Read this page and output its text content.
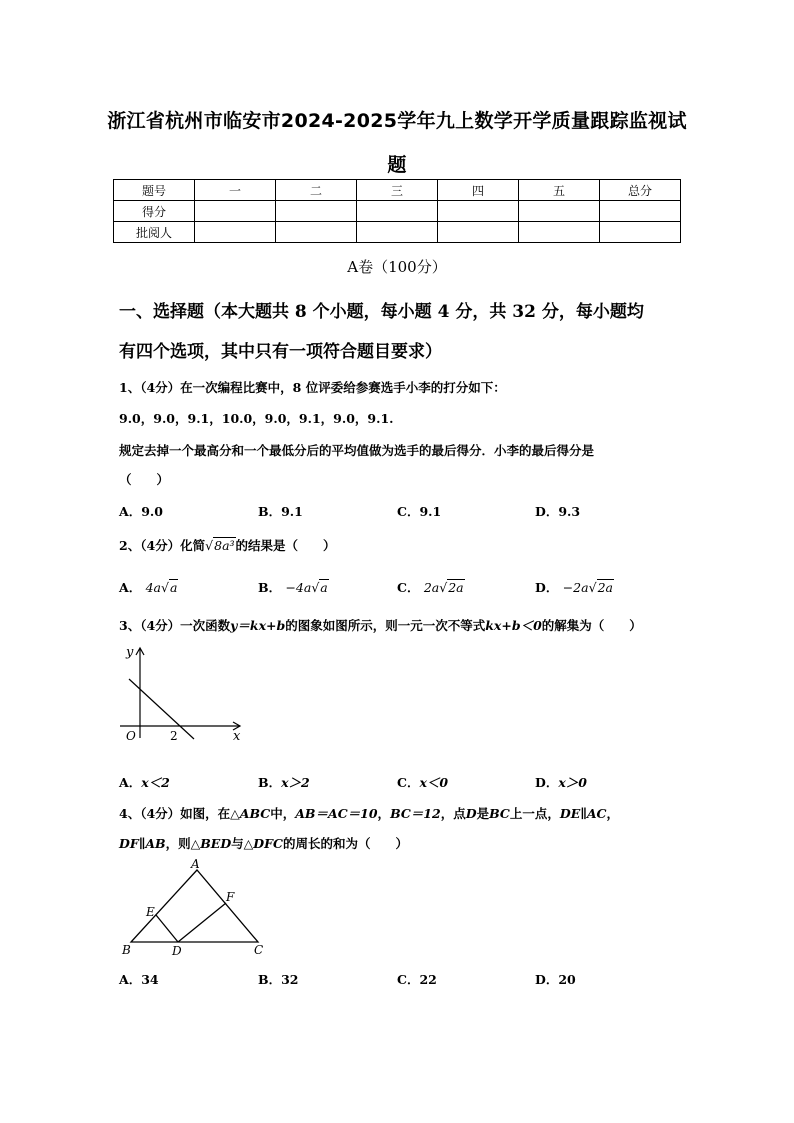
浙江省杭州市临安市2024-2025学年九上数学开学质量跟踪监视试
题
题号	一	二	三	四	五	总分
得分						
批阅人						
A卷（100分）
一、选择题（本大题共 8 个小题，每小题 4 分，共 32 分，每小题均
有四个选项，其中只有一项符合题目要求）
1、（4分）在一次编程比赛中，8 位评委给参赛选手小李的打分如下：
9.0，9.0，9.1，10.0，9.0，9.1，9.0，9.1.
规定去掉一个最高分和一个最低分后的平均值做为选手的最后得分．小李的最后得分是
（　　）
A．9.0	B．9.1	C．9.1	D．9.3
2、（4分）化简√8a³的结果是（　　）
A． 4a√a	B． −4a√a	C． 2a√2a	D． −2a√2a
3、（4分）一次函数y＝kx+b的图象如图所示，则一元一次不等式kx+b＜0的解集为（　　）
y
x
O	2
A．x＜2	B．x＞2	C．x＜0	D．x＞0
4、（4分）如图，在△ABC中，AB＝AC＝10，BC＝12，点D是BC上一点，DE∥AC，
DF∥AB，则△BED与△DFC的周长的和为（　　）
A
B	C
D
E
F
A．34	B．32	C．22	D．20
